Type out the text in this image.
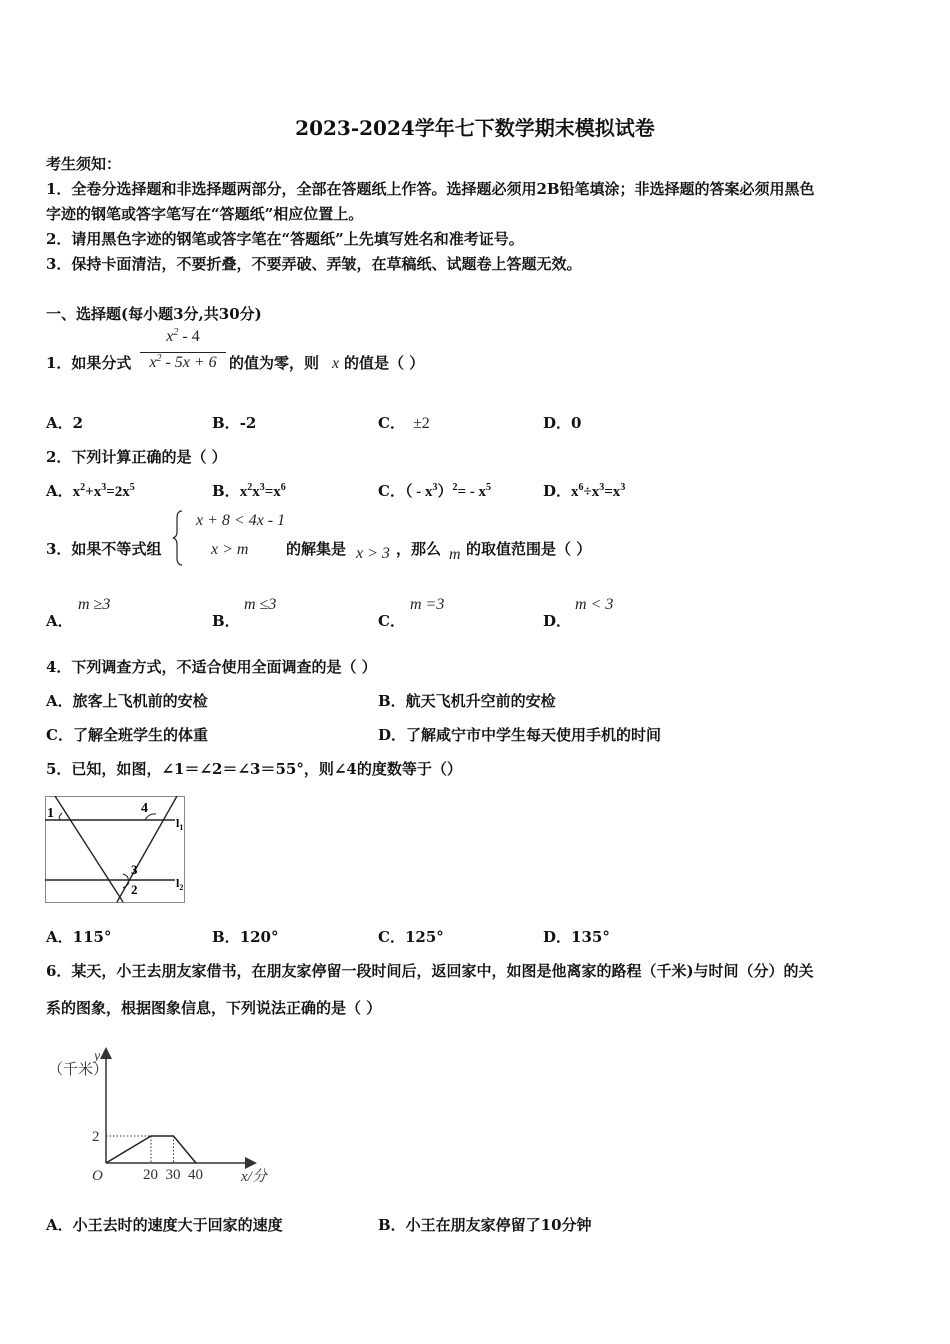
2023-2024学年七下数学期末模拟试卷
考生须知：
1．全卷分选择题和非选择题两部分，全部在答题纸上作答。选择题必须用2B铅笔填涂；非选择题的答案必须用黑色
字迹的钢笔或答字笔写在“答题纸”相应位置上。
2．请用黑色字迹的钢笔或答字笔在“答题纸”上先填写姓名和准考证号。
3．保持卡面清洁，不要折叠，不要弄破、弄皱，在草稿纸、试题卷上答题无效。
一、选择题(每小题3分,共30分)
1．如果分式
$x^2 - 4$
$x^2 - 5x + 6$ 的值为零，则 x 的值是（ ）
A．2	B．-2	C． ±2	D．0
2．下列计算正确的是（ ）
A．$x^2+x^3=2x^5$	B．$x^2x^3=x^6$	C．（ - $x^3)^2= - x^5$	D．$x^6\div x^3=x^3$
3．如果不等式组
x + 8 < 4x - 1
x > m	的解集是 x > 3 ，那么 m 的取值范围是（ ）
A．
m ≥3
B．
m ≤3
C．
m =3
D．
m < 3
4．下列调查方式，不适合使用全面调查的是（ ）
A．旅客上飞机前的安检	B．航天飞机升空前的安检
C．了解全班学生的体重	D．了解咸宁市中学生每天使用手机的时间
5．已知，如图，∠1＝∠2＝∠3＝55°，则∠4的度数等于（）
1	4
3
2
$l_1$
$l_2$
A．115°	B．120°	C．125°	D．135°
6．某天，小王去朋友家借书，在朋友家停留一段时间后，返回家中，如图是他离家的路程（千米)与时间（分）的关
系的图象，根据图象信息，下列说法正确的是（ ）
20 30 40
2
（千米）
y
O	x/分
A．小王去时的速度大于回家的速度	B．小王在朋友家停留了10分钟
